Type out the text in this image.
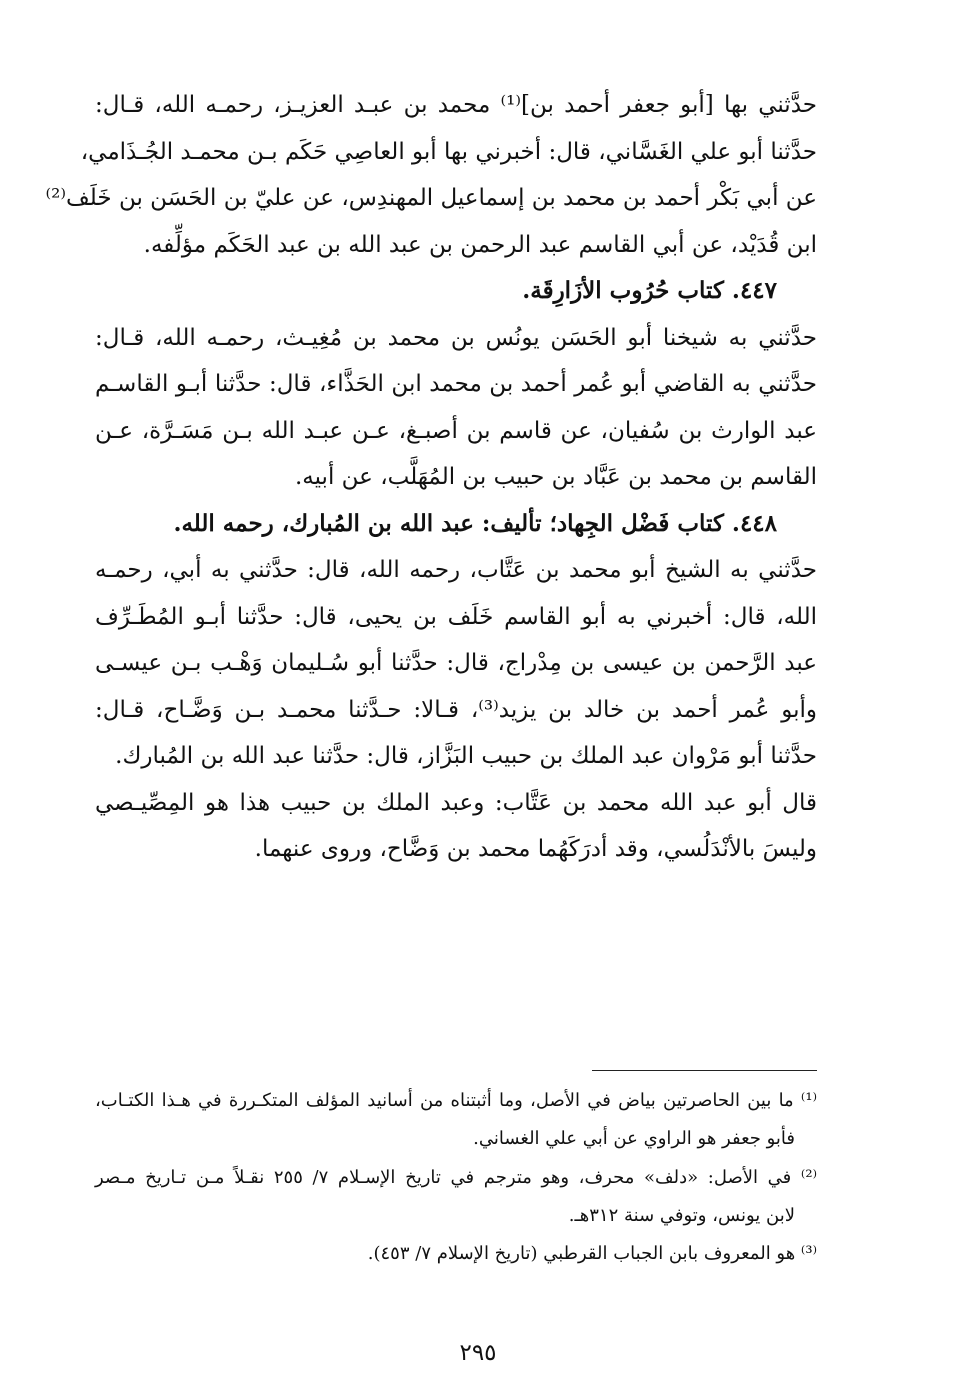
حدَّثني بها [أبو جعفر أحمد بن]⁽¹⁾ محمد بن عبـد العزيـز، رحمـه الله، قـال:
حدَّثنا أبو علي الغَسَّاني، قال: أخبرني بها أبو العاصِي حَكَم بـن محمـد الجُـذَامي،
عن أبي بَكْر أحمد بن محمد بن إسماعيل المهندِس، عن عليّ بن الحَسَن بن خَلَف⁽²⁾
ابن قُدَيْد، عن أبي القاسم عبد الرحمن بن عبد الله بن عبد الحَكَم مؤلِّفه.
٤٤٧. كتاب حُرُوب الأزَارِقَة.
حدَّثني به شيخنا أبو الحَسَن يونُس بن محمد بن مُغِيـث، رحمـه الله، قـال:
حدَّثني به القاضي أبو عُمر أحمد بن محمد ابن الحَذَّاء، قال: حدَّثنا أبـو القاسـم
عبد الوارث بن سُفيان، عن قاسم بن أصبـغ، عـن عبـد الله بـن مَسَـرَّة، عـن
القاسم بن محمد بن عَبَّاد بن حبيب بن المُهَلَّب، عن أبيه.
٤٤٨. كتاب فَضْل الجِهاد؛ تأليف: عبد الله بن المُبارك، رحمه الله.
حدَّثني به الشيخ أبو محمد بن عَتَّاب، رحمه الله، قال: حدَّثني به أبي، رحمـه
الله، قال: أخبرني به أبو القاسم خَلَف بن يحيى، قال: حدَّثنا أبـو المُطَـرِّف
عبد الرَّحمن بن عيسى بن مِدْراج، قال: حدَّثنا أبو سُـليمان وَهْـب بـن عيسـى
وأبو عُمر أحمد بن خالد بن يزيد⁽³⁾، قـالا: حـدَّثنا محمـد بـن وَضَّـاح، قـال:
حدَّثنا أبو مَرْوان عبد الملك بن حبيب البَزَّاز، قال: حدَّثنا عبد الله بن المُبارك.
قال أبو عبد الله محمد بن عَتَّاب: وعبد الملك بن حبيب هذا هو المِصِّيـصي
وليسَ بالأنْدَلُسي، وقد أدرَكَهُما محمد بن وَضَّاح، وروى عنهما.
⁽¹⁾ ما بين الحاصرتين بياض في الأصل، وما أثبتناه من أسانيد المؤلف المتكـررة في هـذا الكتـاب،
فأبو جعفر هو الراوي عن أبي علي الغساني.
⁽²⁾ في الأصل: «دلف» محرف، وهو مترجم في تاريخ الإسـلام ٧/ ٢٥٥ نقـلاً مـن تـاريخ مـصر
لابن يونس، وتوفي سنة ٣١٢هـ.
⁽³⁾ هو المعروف بابن الجباب القرطبي (تاريخ الإسلام ٧/ ٤٥٣).
٢٩٥
